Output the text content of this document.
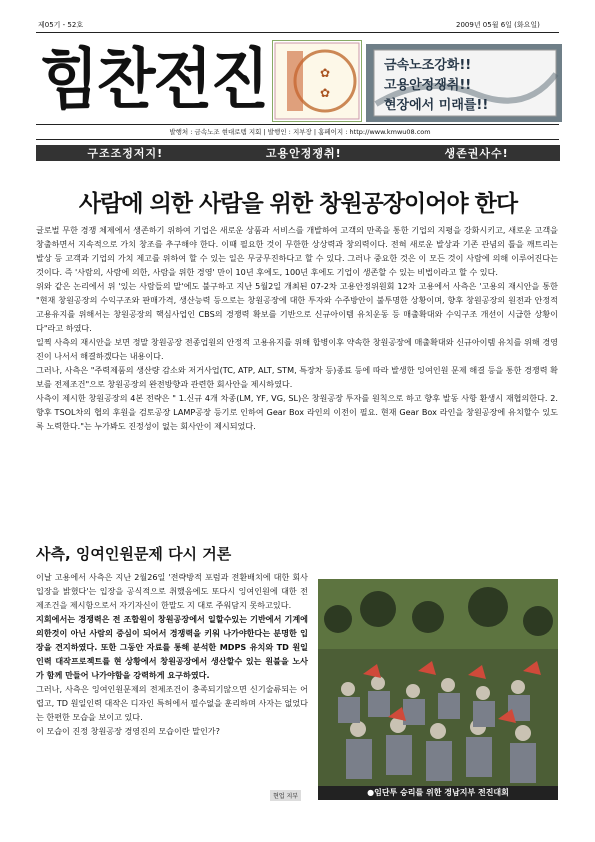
제05기 - 52호	2009년 05월 6일 (화요일)
힘찬전진	✿
✿
금속노조강화!!
고용안정쟁취!!
현장에서 미래를!!
발행처 : 금속노조 현대로템 지회 | 발행인 : 지부장 | 홈페이지 : http://www.kmwu08.com
구조조정저지!	고용안정쟁취!	생존권사수!
사람에 의한 사람을 위한 창원공장이어야 한다

글로벌 무한 경쟁 체제에서 생존하기 위하여 기업은 새로운 상품과 서비스를 개발하여 고객의 만족을 통한 기업의 지평을 강화시키고, 새로운 고객을 창출하면서 지속적으로 가치 창조를 추구해야 한다. 이때 필요한 것이 무한한 상상력과 창의력이다. 전혀 새로운 발상과 기존 관념의 틀을 깨트리는 발상 등 고객과 기업의 가치 제고를 위하여 할 수 있는 일은 무궁무진하다고 할 수 있다. 그러나 중요한 것은 이 모든 것이 사람에 의해 이루어진다는 것이다. 즉 '사람의, 사람에 의한, 사람을 위한 경영' 만이 10년 후에도, 100년 후에도 기업이 생존할 수 있는 비법이라고 할 수 있다.

위와 같은 논리에서 위 '있는 사람들의 말'에도 불구하고 지난 5월2일 개최된 07-2차 고용안정위원회 12차 고용에서 사측은 '고용의 재시안을 통한 "현재 창원공장의 수익구조와 판매가격, 생산능력 등으로는 창원공장에 대한 투자와 수주방안이 불투명한 상황이며, 향후 창원공장의 원전과 안정적 고용유지를 위해서는 창원공장의 핵심사업인 CBS의 경쟁력 확보를 기반으로 신규아이템 유치운동 등 매출확대와 수익구조 개선이 시급한 상황이다"라고 하였다.

일찍 사측의 재시안을 보면 정말 창원공장 전종업원의 안정적 고용유지를 위해 합병이후 약속한 창원공장에 매출확대와 신규아이템 유치를 위해 경영진이 나서서 해결하겠다는 내용이다.

그러나, 사측은 "주력제품의 생산량 감소와 저거사업(TC, ATP, ALT, STM, 특장차 등)종료 등에 따라 발생한 잉여인원 문제 해결 등을 통한 경쟁력 확보를 전제조건"으로 창원공장의 완전방향과 관련한 회사안을 제시하였다.

사측이 제시한 창원공장의 4본 전략은 " 1.신규 4개 차종(LM, YF, VG, SL)은 창원공장 투자를 원칙으로 하고 향후 발동 사항 환생시 재협의한다. 2.향후 TSOL차의 협의 후원을 검토공장 LAMP공장 등기로 인하여 Gear Box 라인의 이전이 필요. 현재 Gear Box 라인을 창원공장에 유치할수 있도록 노력한다."는 누가봐도 진정성이 없는 회사안이 제시되었다.

사측, 잉여인원문제 다시 거론

이날 고용에서 사측은 지난 2월26일 '전략방적 포럼과 전환배치에 대한 회사입장을 밝혔다'는 입장을 공식적으로 취했음에도 또다시 잉여인원에 대한 전제조건을 제시함으로서 자기자신이 한말도 지 대로 주워담지 못하고있다.

지회에서는 경쟁력은 전 조합원이 창원공장에서 일할수있는 기반에서 기계에 의한것이 아닌 사람의 중심이 되어서 경쟁력을 키워 나가야한다는 분명한 입장을 견지하였다. 또한 그동안 자료를 통해 분석한 MDPS 유치와 TD 원일인력 대작프로젝트를 현 상황에서 창원공장에서 생산할수 있는 원불을 노사가 함께 만들어 나가야함을 강력하게 요구하였다.

그러나, 사측은 잉여인원문제의 전제조건이 충족되기않으면 신기술류되는 어렵고, TD 원일인력 대작은 디자인 특허에서 필수없을 훈리하며 사자는 없었다는 한편한 모습을 보이고 있다.

이 모습이 진정 창원공장 경영진의 모습이란 말인가?

현업 지부	●임단투 승리를 위한 경남지부 전진대회
